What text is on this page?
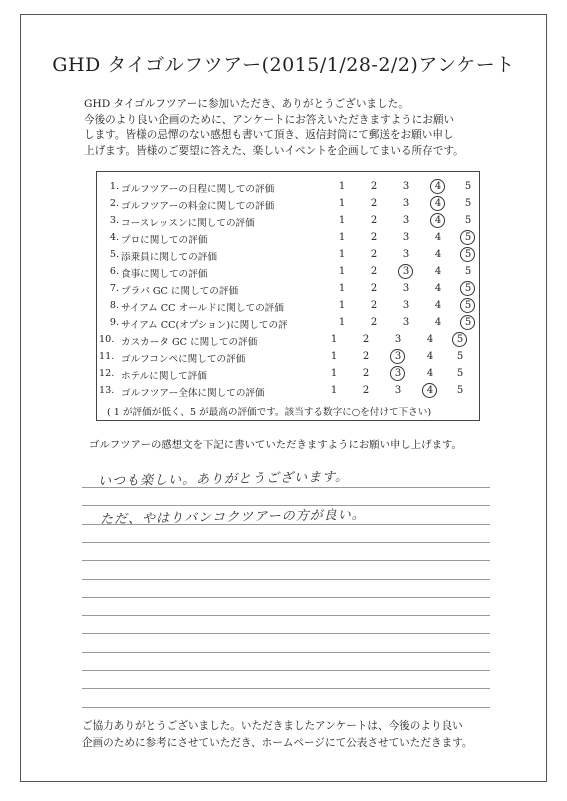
GHD タイゴルフツアー(2015/1/28-2/2)アンケート
GHD タイゴルフツアーに参加いただき、ありがとうございました。
今後のより良い企画のために、アンケートにお答えいただきますようにお願い
します。皆様の忌憚のない感想も書いて頂き、返信封筒にて郵送をお願い申し
上げます。皆様のご要望に答えた、楽しいイベントを企画してまいる所存です。
( 1 が評価が低く、5 が最高の評価です。該当する数字に○を付けて下さい)
1. ゴルフツアーの日程に関しての評価	1	2	3	4	5
2. ゴルフツアーの料金に関しての評価	1	2	3	4	5
3. コースレッスンに関しての評価	1	2	3	4	5
4. プロに関しての評価	1	2	3	4	5
5. 添乗員に関しての評価	1	2	3	4	5
6. 食事に関しての評価	1	2	3	4	5
7. プラパ GC に関しての評価	1	2	3	4	5
8. サイアム CC オールドに関しての評価	1	2	3	4	5
9. サイアム CC(オプション)に関しての評	1	2	3	4	5
10. カスカータ GC に関しての評価	1	2	3	4	5
11. ゴルフコンペに関しての評価	1	2	3	4	5
12. ホテルに関して評価	1	2	3	4	5
13. ゴルフツアー全体に関しての評価	1	2	3	4	5
ゴルフツアーの感想文を下記に書いていただきますようにお願い申し上げます。
いつも楽しい。ありがとうございます。
ただ、やはりバンコクツアーの方が良い。
ご協力ありがとうございました。いただきましたアンケートは、今後のより良い
企画のために参考にさせていただき、ホームページにて公表させていただきます。
